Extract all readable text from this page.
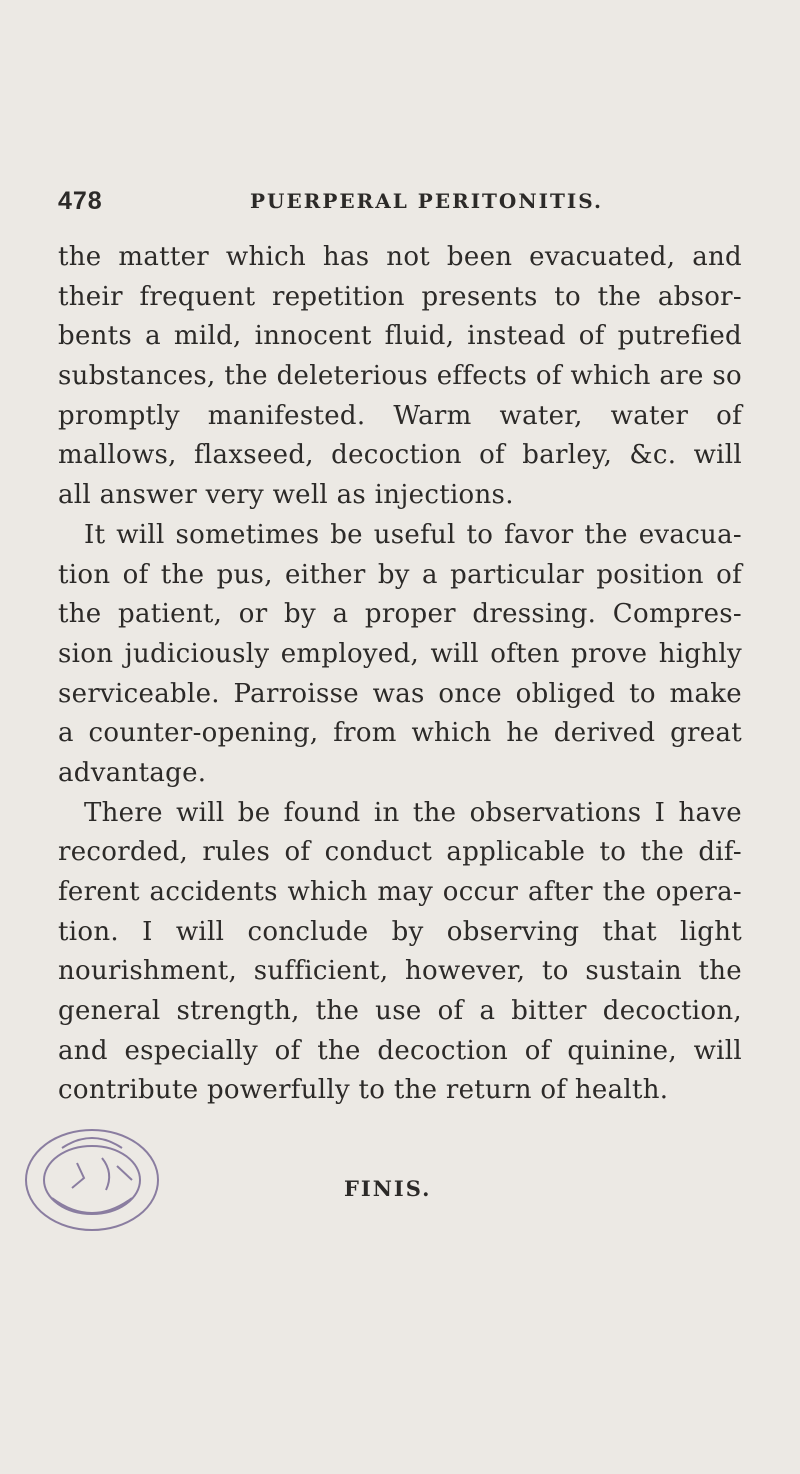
478	PUERPERAL PERITONITIS.
the matter which has not been evacuated, and
their frequent repetition presents to the absor-
bents a mild, innocent fluid, instead of putrefied
substances, the deleterious effects of which are so
promptly manifested. Warm water, water of
mallows, flaxseed, decoction of barley, &c. will
all answer very well as injections.
It will sometimes be useful to favor the evacua-
tion of the pus, either by a particular position of
the patient, or by a proper dressing. Compres-
sion judiciously employed, will often prove highly
serviceable. Parroisse was once obliged to make
a counter-opening, from which he derived great
advantage.
There will be found in the observations I have
recorded, rules of conduct applicable to the dif-
ferent accidents which may occur after the opera-
tion. I will conclude by observing that light
nourishment, sufficient, however, to sustain the
general strength, the use of a bitter decoction,
and especially of the decoction of quinine, will
contribute powerfully to the return of health.
FINIS.
